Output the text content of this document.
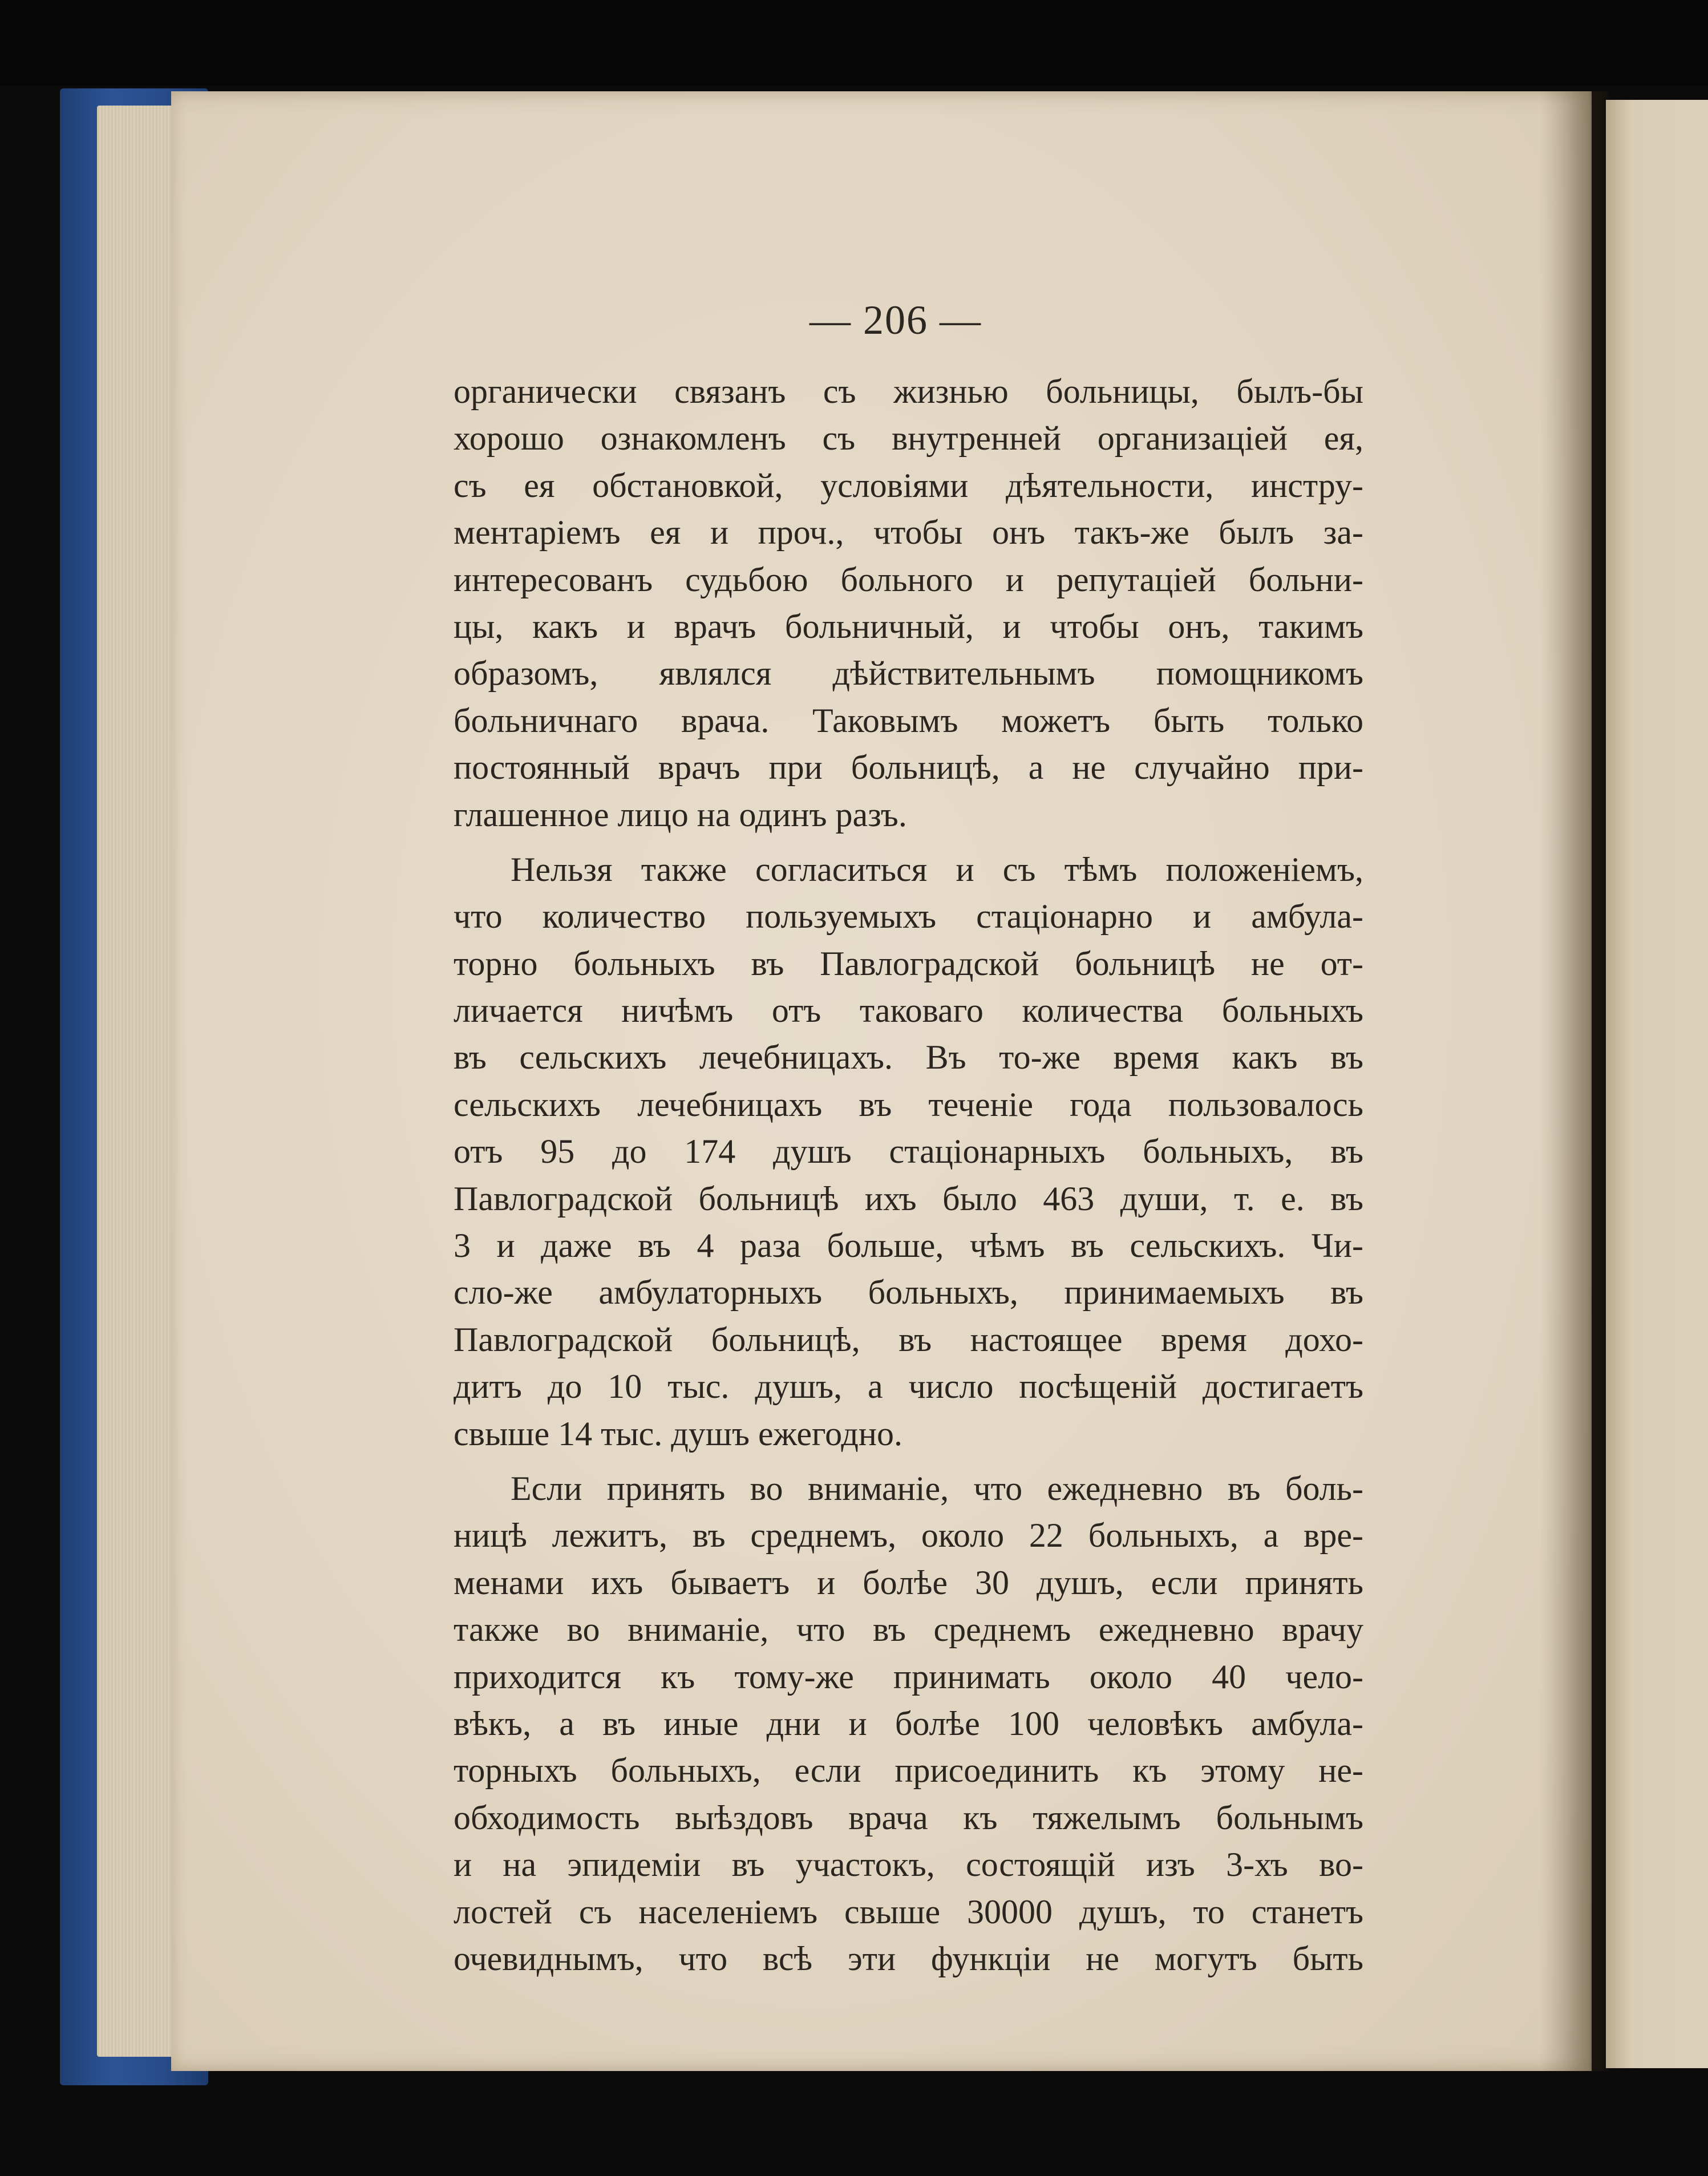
— 206 —
органически связанъ съ жизнью больницы, былъ-бы
хорошо ознакомленъ съ внутренней организацiей ея,
съ ея обстановкой, условiями дѣятельности, инстру-
ментарiемъ ея и проч., чтобы онъ такъ-же былъ за-
интересованъ судьбою больного и репутацiей больни-
цы, какъ и врачъ больничный, и чтобы онъ, такимъ
образомъ, являлся дѣйствительнымъ помощникомъ
больничнаго врача. Таковымъ можетъ быть только
постоянный врачъ при больницѣ, а не случайно при-
глашенное лицо на одинъ разъ.
Нельзя также согласиться и съ тѣмъ положенiемъ,
что количество пользуемыхъ стацiонарно и амбула-
торно больныхъ въ Павлоградской больницѣ не от-
личается ничѣмъ отъ таковаго количества больныхъ
въ сельскихъ лечебницахъ. Въ то-же время какъ въ
сельскихъ лечебницахъ въ теченiе года пользовалось
отъ 95 до 174 душъ стацiонарныхъ больныхъ, въ
Павлоградской больницѣ ихъ было 463 души, т. е. въ
3 и даже въ 4 раза больше, чѣмъ въ сельскихъ. Чи-
сло-же амбулаторныхъ больныхъ, принимаемыхъ въ
Павлоградской больницѣ, въ настоящее время дохо-
дитъ до 10 тыс. душъ, а число посѣщенiй достигаетъ
свыше 14 тыс. душъ ежегодно.
Если принять во вниманiе, что ежедневно въ боль-
ницѣ лежитъ, въ среднемъ, около 22 больныхъ, а вре-
менами ихъ бываетъ и болѣе 30 душъ, если принять
также во вниманiе, что въ среднемъ ежедневно врачу
приходится къ тому-же принимать около 40 чело-
вѣкъ, а въ иные дни и болѣе 100 человѣкъ амбула-
торныхъ больныхъ, если присоединить къ этому не-
обходимость выѣздовъ врача къ тяжелымъ больнымъ
и на эпидемiи въ участокъ, состоящiй изъ 3-хъ во-
лостей съ населенiемъ свыше 30000 душъ, то станетъ
очевиднымъ, что всѣ эти функцiи не могутъ быть
